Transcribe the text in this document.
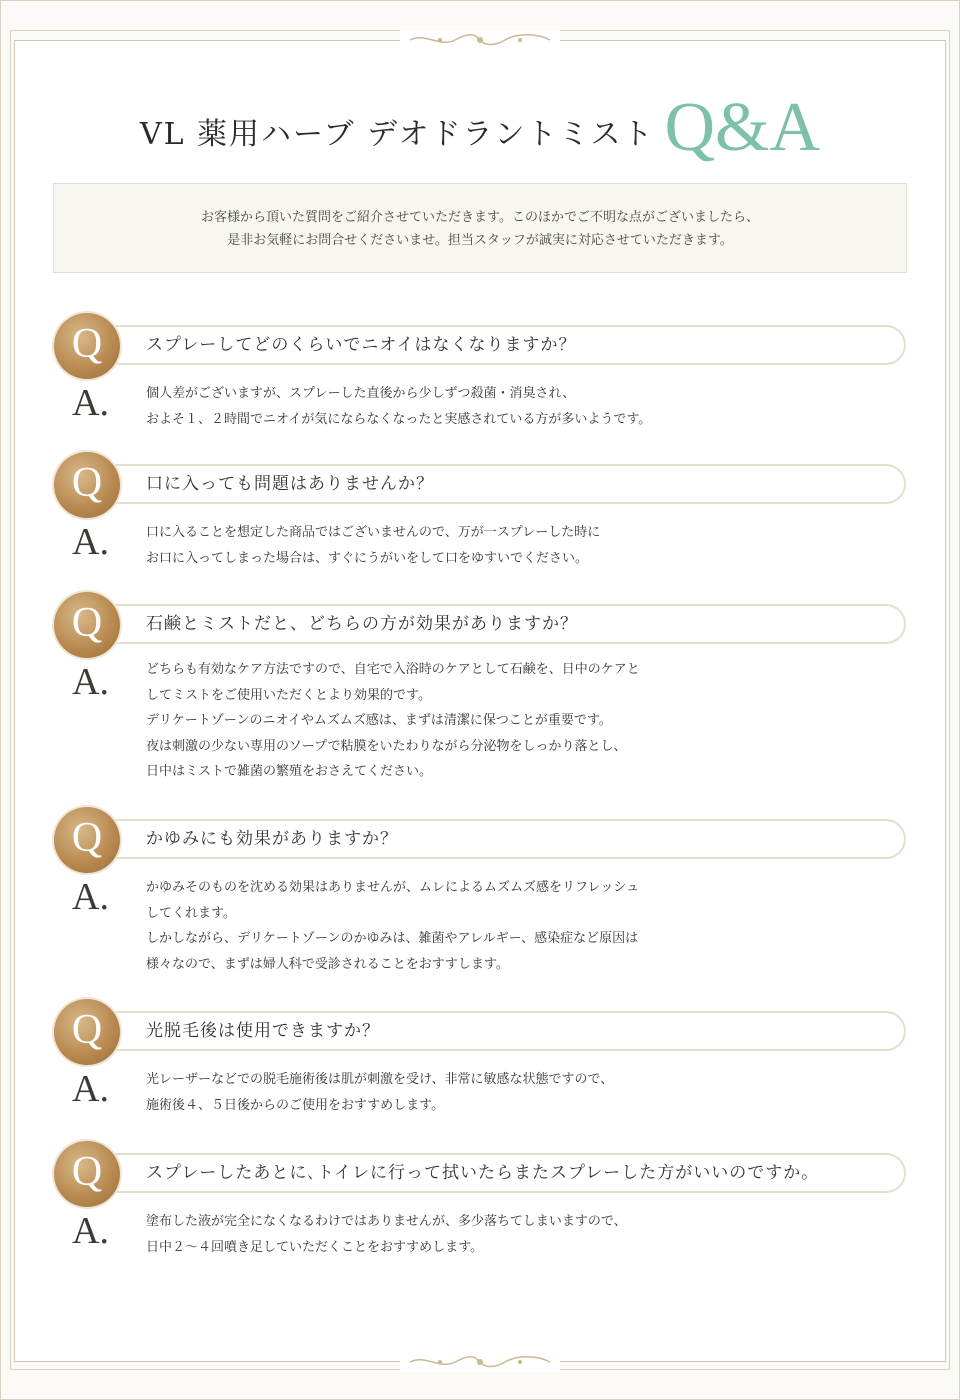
VL 薬用ハーブ デオドラントミスト Q&A

お客様から頂いた質問をご紹介させていただきます。このほかでご不明な点がございましたら、

是非お気軽にお問合せくださいませ。担当スタッフが誠実に対応させていただきます。

Q	スプレーしてどのくらいでニオイはなくなりますか？
A.	個人差がございますが、スプレーした直後から少しずつ殺菌・消臭され、

およそ１、２時間でニオイが気にならなくなったと実感されている方が多いようです。

Q	口に入っても問題はありませんか？
A.	口に入ることを想定した商品ではございませんので、万が一スプレーした時に

お口に入ってしまった場合は、すぐにうがいをして口をゆすいでください。

Q	石鹸とミストだと、どちらの方が効果がありますか？
A.	どちらも有効なケア方法ですので、自宅で入浴時のケアとして石鹸を、日中のケアと

してミストをご使用いただくとより効果的です。

デリケートゾーンのニオイやムズムズ感は、まずは清潔に保つことが重要です。

夜は刺激の少ない専用のソープで粘膜をいたわりながら分泌物をしっかり落とし、

日中はミストで雑菌の繁殖をおさえてください。

Q	かゆみにも効果がありますか？
A.	かゆみそのものを沈める効果はありませんが、ムレによるムズムズ感をリフレッシュ

してくれます。

しかしながら、デリケートゾーンのかゆみは、雑菌やアレルギー、感染症など原因は

様々なので、まずは婦人科で受診されることをおすすします。

Q	光脱毛後は使用できますか？
A.	光レーザーなどでの脱毛施術後は肌が刺激を受け、非常に敏感な状態ですので、

施術後４、５日後からのご使用をおすすめします。

Q	スプレーしたあとに､トイレに行って拭いたらまたスプレーした方がいいのですか。
A.	塗布した液が完全になくなるわけではありませんが、多少落ちてしまいますので、

日中２～４回噴き足していただくことをおすすめします。
